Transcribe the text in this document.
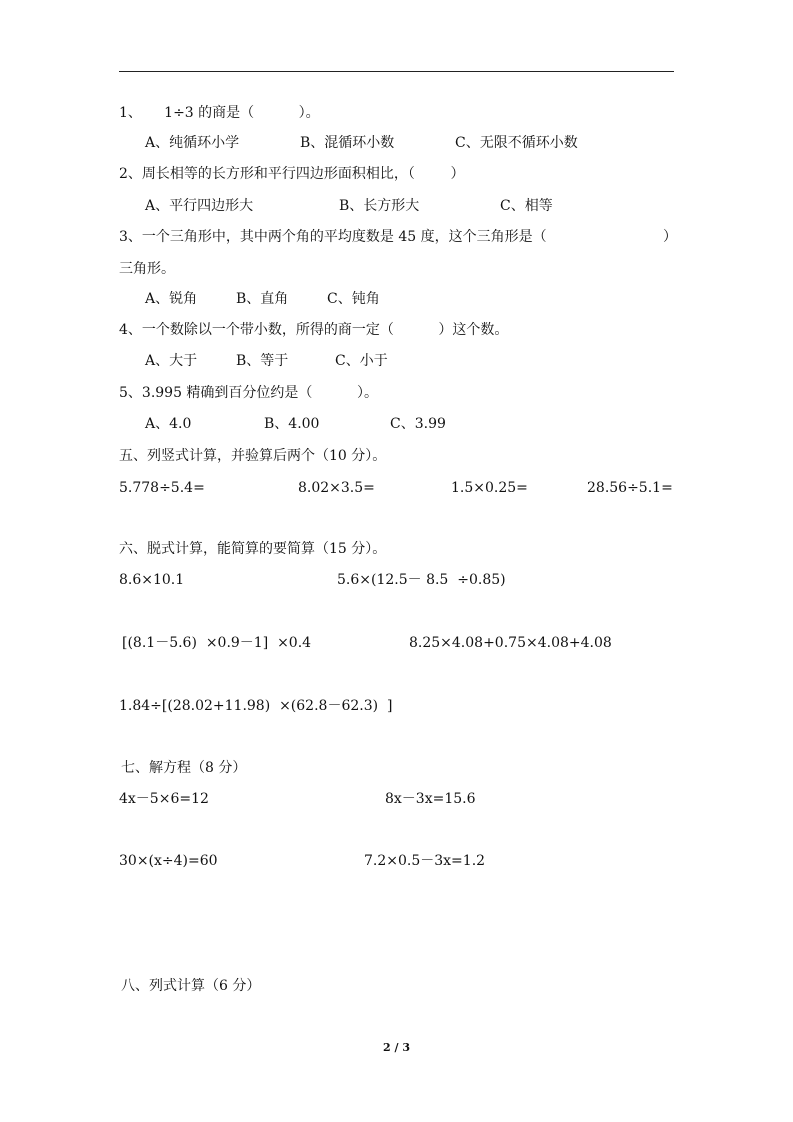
1、     1÷3 的商是（          ）。
A、纯循环小学	B、混循环小数	C、无限不循环小数
2、周长相等的长方形和平行四边形面积相比，（        ）
A、平行四边形大	B、长方形大	C、相等
3、一个三角形中，其中两个角的平均度数是 45 度，这个三角形是（	）
三角形。
A、锐角	B、直角	C、钝角
4、一个数除以一个带小数，所得的商一定（          ）这个数。
A、大于	B、等于	C、小于
5、3.995 精确到百分位约是（          ）。
A、4.0	B、4.00	C、3.99
五、列竖式计算，并验算后两个（10 分）。
5.778÷5.4=	8.02×3.5=	1.5×0.25=	28.56÷5.1=
六、脱式计算，能简算的要简算（15 分）。
8.6×10.1	5.6×(12.5－ 8.5  ÷0.85)
[(8.1－5.6)  ×0.9－1]  ×0.4	8.25×4.08+0.75×4.08+4.08
1.84÷[(28.02+11.98)  ×(62.8－62.3)  ]
七、解方程（8 分）
4x－5×6=12	8x－3x=15.6
30×(x÷4)=60	7.2×0.5－3x=1.2
八、列式计算（6 分）
2 / 3
